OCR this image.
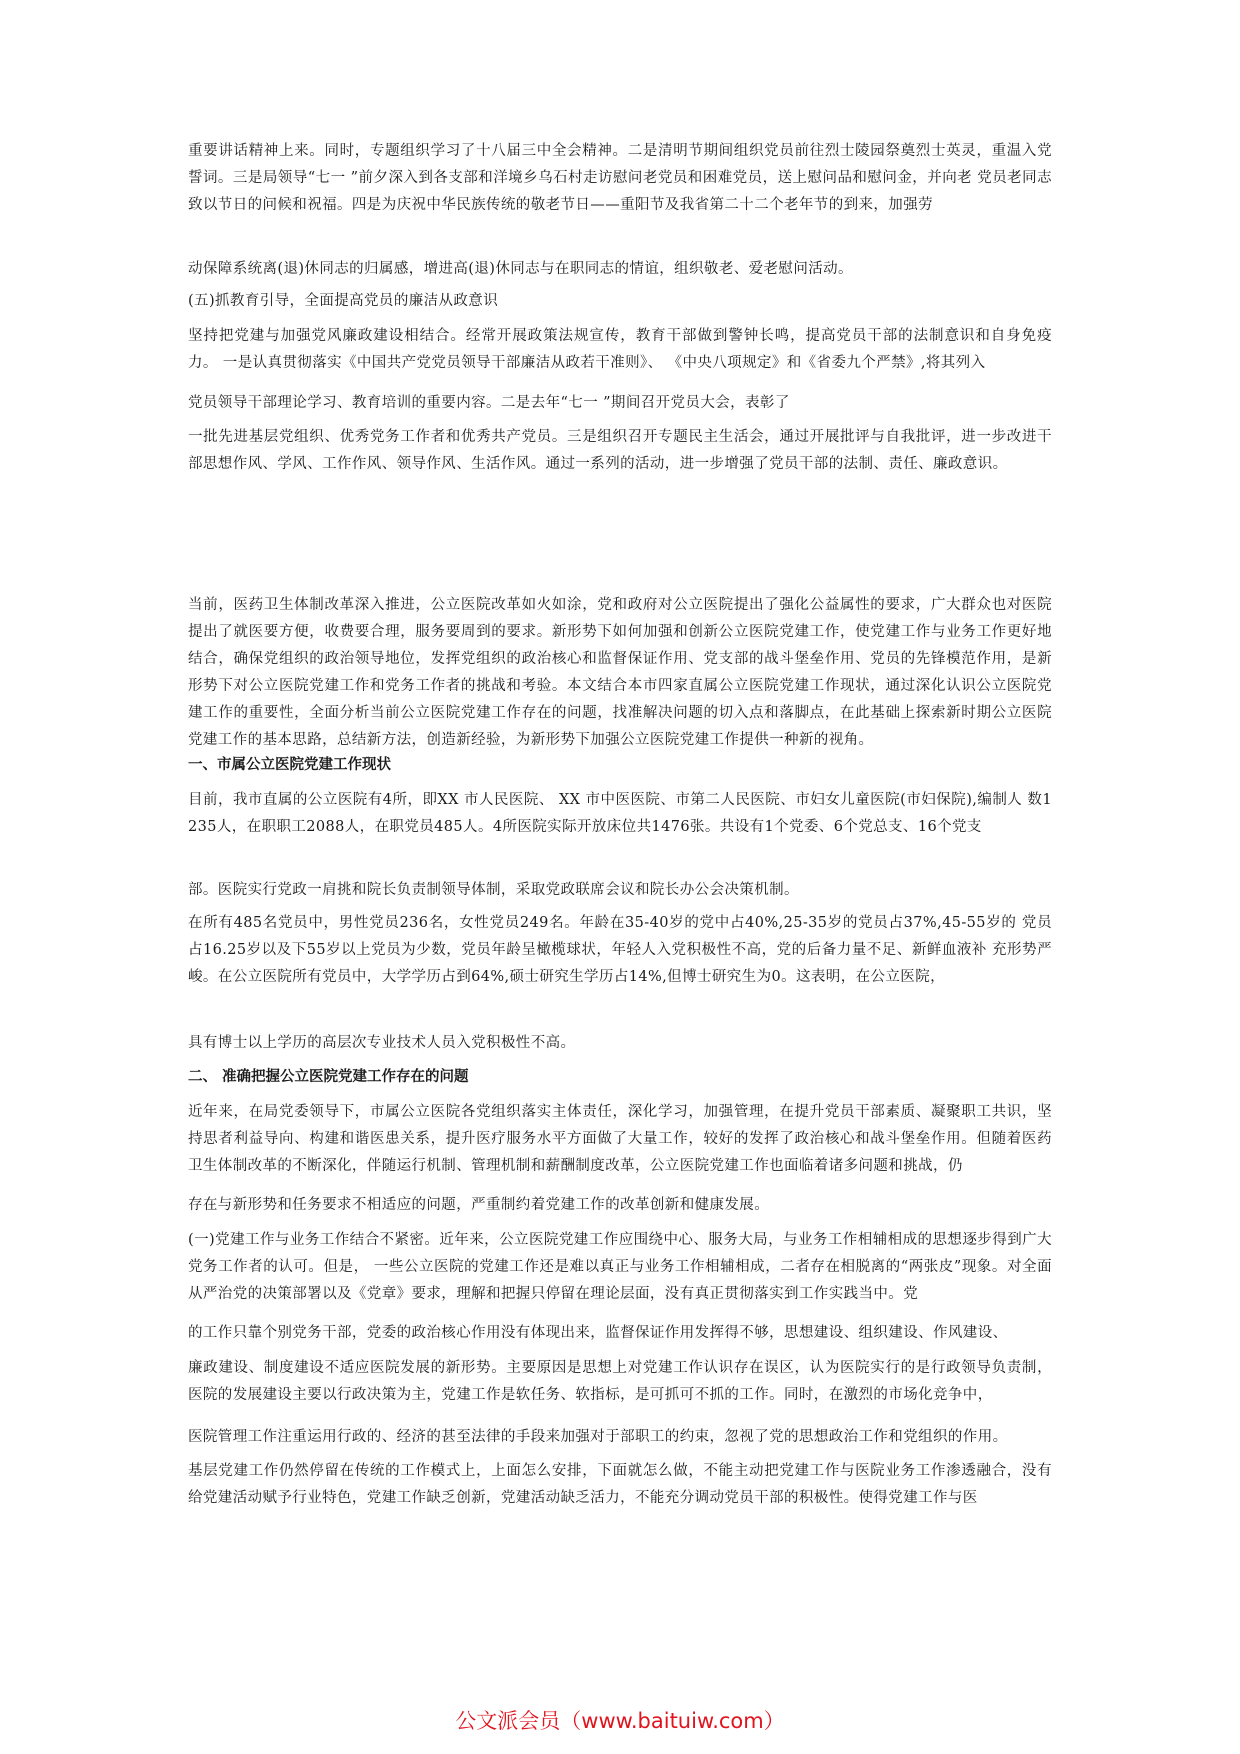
重要讲话精神上来。同时，专题组织学习了十八届三中全会精神。二是清明节期间组织党员前往烈士陵园祭奠烈士英灵，重温入党誓词。三是局领导“七一 ”前夕深入到各支部和洋境乡乌石村走访慰问老党员和困难党员，送上慰问品和慰问金，并向老 党员老同志致以节日的问候和祝福。四是为庆祝中华民族传统的敬老节日——重阳节及我省第二十二个老年节的到来，加强劳

动保障系统离(退)休同志的归属感，增进高(退)休同志与在职同志的情谊，组织敬老、爱老慰问活动。

(五)抓教育引导，全面提高党员的廉洁从政意识

坚持把党建与加强党风廉政建设相结合。经常开展政策法规宣传，教育干部做到警钟长鸣，提高党员干部的法制意识和自身免疫力。 一是认真贯彻落实《中国共产党党员领导干部廉洁从政若干准则》、 《中央八项规定》和《省委九个严禁》,将其列入

党员领导干部理论学习、教育培训的重要内容。二是去年“七一 ”期间召开党员大会，表彰了

一批先进基层党组织、优秀党务工作者和优秀共产党员。三是组织召开专题民主生活会，通过开展批评与自我批评，进一步改进干部思想作风、学风、工作作风、领导作风、生活作风。通过一系列的活动，进一步增强了党员干部的法制、责任、廉政意识。

当前，医药卫生体制改革深入推进，公立医院改革如火如涂，党和政府对公立医院提出了强化公益属性的要求，广大群众也对医院提出了就医要方便，收费要合理，服务要周到的要求。新形势下如何加强和创新公立医院党建工作，使党建工作与业务工作更好地结合，确保党组织的政治领导地位，发挥党组织的政治核心和监督保证作用、党支部的战斗堡垒作用、党员的先锋模范作用，是新形势下对公立医院党建工作和党务工作者的挑战和考验。本文结合本市四家直属公立医院党建工作现状，通过深化认识公立医院党建工作的重要性，全面分析当前公立医院党建工作存在的问题，找准解决问题的切入点和落脚点，在此基础上探索新时期公立医院党建工作的基本思路，总结新方法，创造新经验，为新形势下加强公立医院党建工作提供一种新的视角。

一、市属公立医院党建工作现状

目前，我市直属的公立医院有4所，即XX 市人民医院、 XX 市中医医院、市第二人民医院、市妇女儿童医院(市妇保院),编制人 数1235人，在职职工2088人，在职党员485人。4所医院实际开放床位共1476张。共设有1个党委、6个党总支、16个党支

部。医院实行党政一肩挑和院长负责制领导体制，采取党政联席会议和院长办公会决策机制。

在所有485名党员中，男性党员236名，女性党员249名。年龄在35-40岁的党中占40%,25-35岁的党员占37%,45-55岁的 党员占16.25岁以及下55岁以上党员为少数，党员年龄呈橄榄球状，年轻人入党积极性不高，党的后备力量不足、新鲜血液补 充形势严峻。在公立医院所有党员中，大学学历占到64%,硕士研究生学历占14%,但博士研究生为0。这表明，在公立医院，

具有博士以上学历的高层次专业技术人员入党积极性不高。

二、 准确把握公立医院党建工作存在的问题

近年来，在局党委领导下，市属公立医院各党组织落实主体责任，深化学习，加强管理，在提升党员干部素质、凝聚职工共识，坚持思者利益导向、构建和谐医患关系，提升医疗服务水平方面做了大量工作，较好的发挥了政治核心和战斗堡垒作用。但随着医药卫生体制改革的不断深化，伴随运行机制、管理机制和薪酬制度改革，公立医院党建工作也面临着诸多问题和挑战，仍

存在与新形势和任务要求不相适应的问题，严重制约着党建工作的改革创新和健康发展。

(一)党建工作与业务工作结合不紧密。近年来，公立医院党建工作应围绕中心、服务大局，与业务工作相辅相成的思想逐步得到广大党务工作者的认可。但是， 一些公立医院的党建工作还是难以真正与业务工作相辅相成，二者存在相脱离的“两张皮”现象。对全面从严治党的决策部署以及《党章》要求，理解和把握只停留在理论层面，没有真正贯彻落实到工作实践当中。党

的工作只靠个别党务干部，党委的政治核心作用没有体现出来，监督保证作用发挥得不够，思想建设、组织建设、作风建设、

廉政建设、制度建设不适应医院发展的新形势。主要原因是思想上对党建工作认识存在误区，认为医院实行的是行政领导负责制，医院的发展建设主要以行政决策为主，党建工作是软任务、软指标，是可抓可不抓的工作。同时，在激烈的市场化竞争中，

医院管理工作注重运用行政的、经济的甚至法律的手段来加强对于部职工的约束，忽视了党的思想政治工作和党组织的作用。

基层党建工作仍然停留在传统的工作模式上，上面怎么安排，下面就怎么做，不能主动把党建工作与医院业务工作渗透融合，没有给党建活动赋予行业特色，党建工作缺乏创新，党建活动缺乏活力，不能充分调动党员干部的积极性。使得党建工作与医

公文派会员（www.baituiw.com）
